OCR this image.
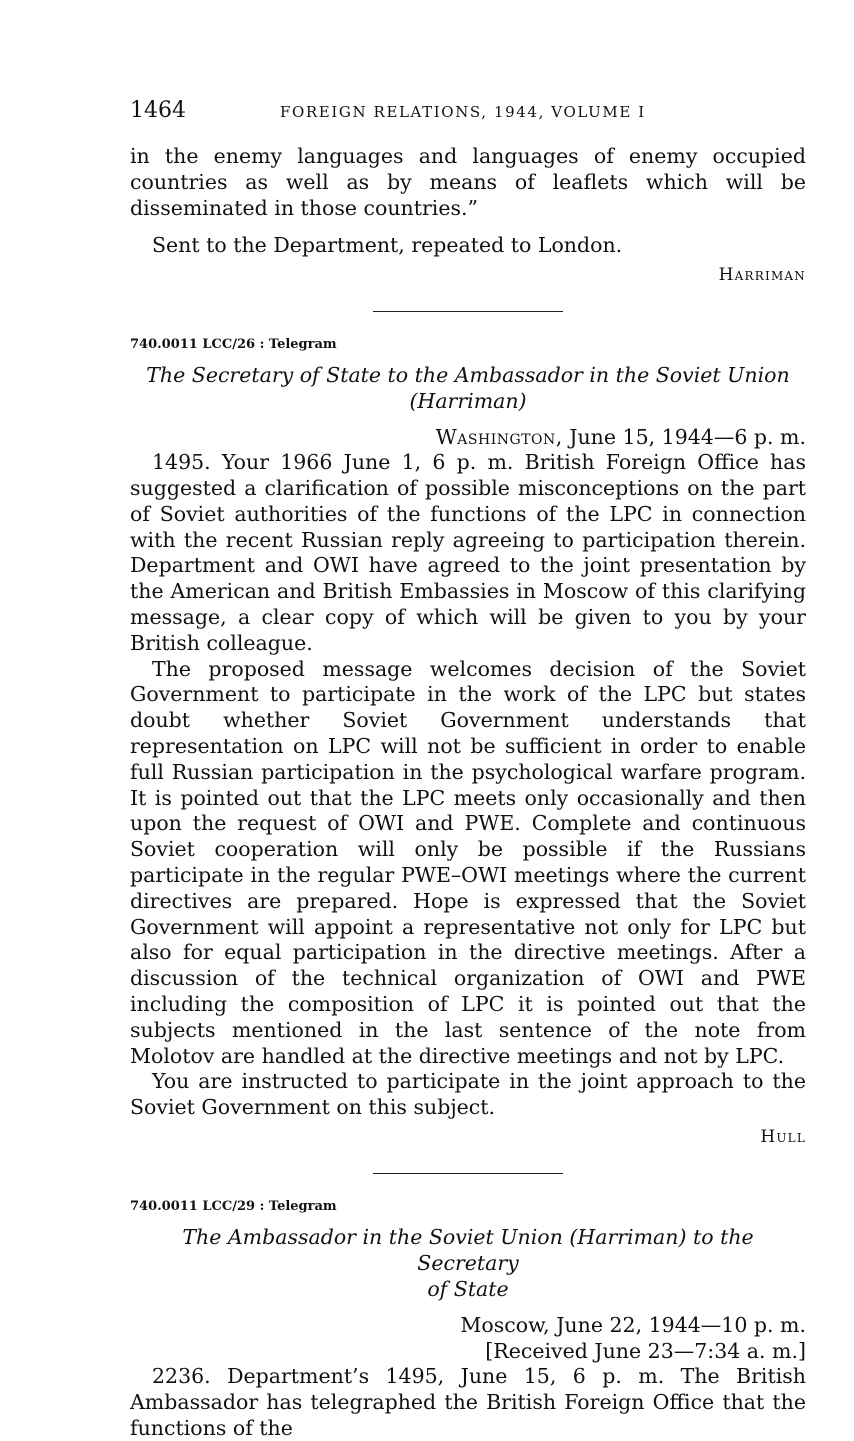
1464	FOREIGN RELATIONS, 1944, VOLUME I

in the enemy languages and languages of enemy occupied countries as well as by means of leaflets which will be disseminated in those countries.”

Sent to the Department, repeated to London.

Harriman
740.0011 LCC/26 : Telegram
The Secretary of State to the Ambassador in the Soviet Union
(Harriman)
Washington, June 15, 1944—6 p. m.

1495. Your 1966 June 1, 6 p. m. British Foreign Office has suggested a clarification of possible misconceptions on the part of Soviet authorities of the functions of the LPC in connection with the recent Russian reply agreeing to participation therein. Department and OWI have agreed to the joint presentation by the American and British Embassies in Moscow of this clarifying message, a clear copy of which will be given to you by your British colleague.

The proposed message welcomes decision of the Soviet Government to participate in the work of the LPC but states doubt whether Soviet Government understands that representation on LPC will not be sufficient in order to enable full Russian participation in the psychological warfare program. It is pointed out that the LPC meets only occasionally and then upon the request of OWI and PWE. Complete and continuous Soviet cooperation will only be possible if the Russians participate in the regular PWE–OWI meetings where the current directives are prepared. Hope is expressed that the Soviet Government will appoint a representative not only for LPC but also for equal participation in the directive meetings. After a discussion of the technical organization of OWI and PWE including the composition of LPC it is pointed out that the subjects mentioned in the last sentence of the note from Molotov are handled at the directive meetings and not by LPC.

You are instructed to participate in the joint approach to the Soviet Government on this subject.

Hull
740.0011 LCC/29 : Telegram
The Ambassador in the Soviet Union (Harriman) to the Secretary
of State
Moscow, June 22, 1944—10 p. m.
[Received June 23—7:34 a. m.]

2236. Department’s 1495, June 15, 6 p. m. The British Ambassador has telegraphed the British Foreign Office that the functions of the
